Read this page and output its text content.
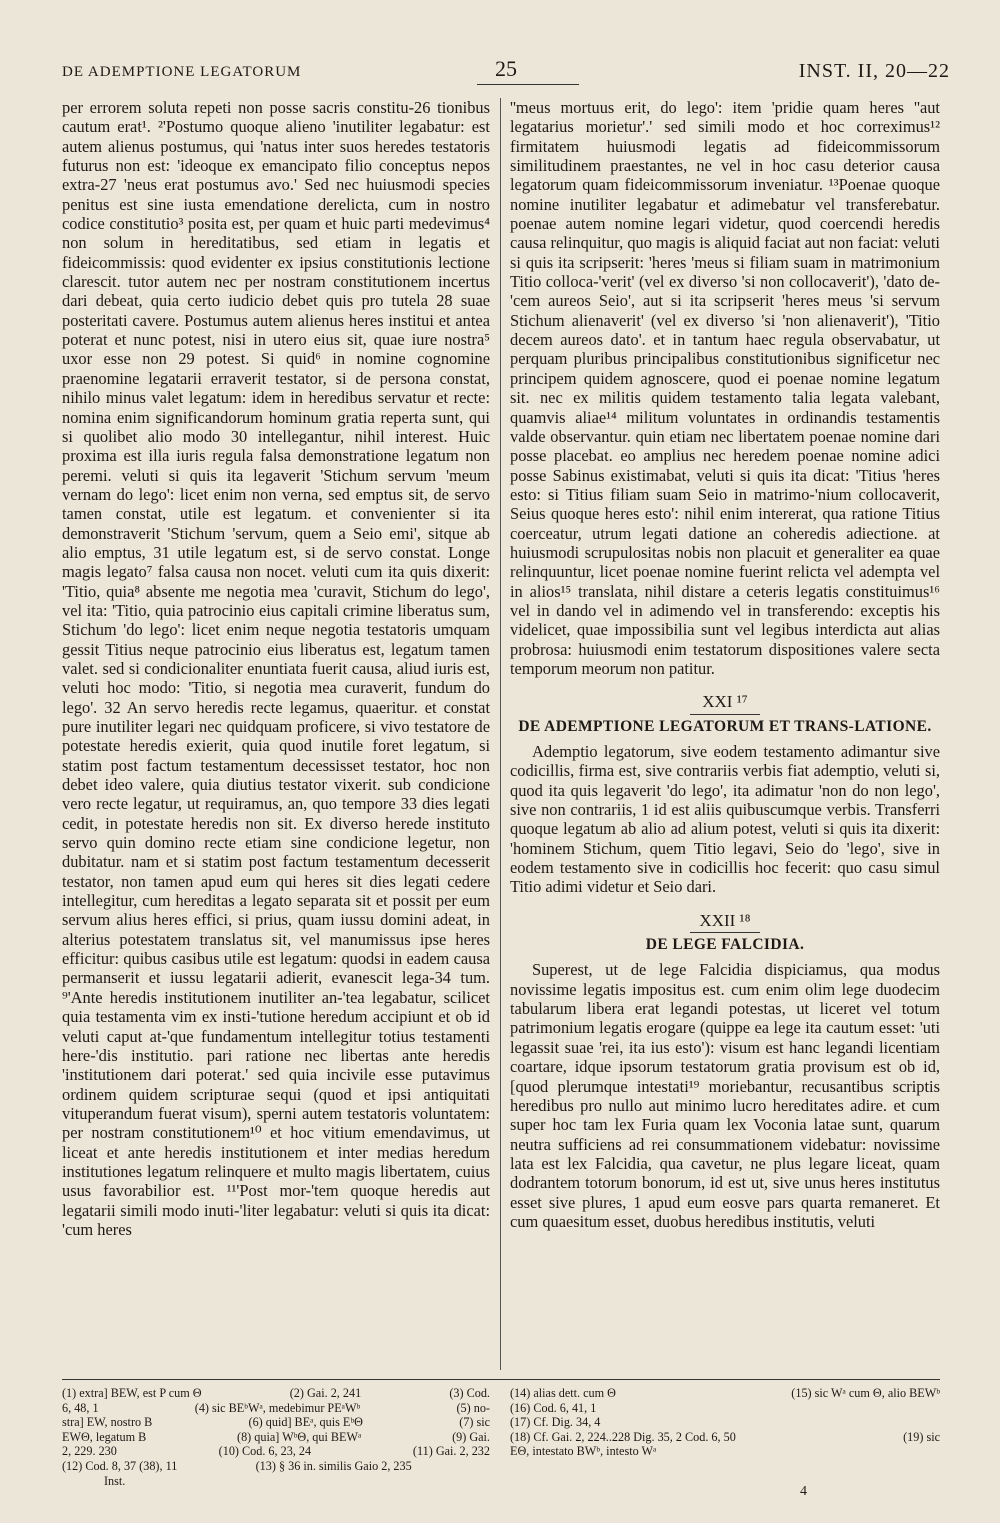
DE ADEMPTIONE LEGATORUM	25	INST. II, 20—22

per errorem soluta repeti non posse sacris constitu-26 tionibus cautum erat¹. ²'Postumo quoque alieno 'inutiliter legabatur: est autem alienus postumus, qui 'natus inter suos heredes testatoris futurus non est: 'ideoque ex emancipato filio conceptus nepos extra-27 'neus erat postumus avo.' Sed nec huiusmodi species penitus est sine iusta emendatione derelicta, cum in nostro codice constitutio³ posita est, per quam et huic parti medevimus⁴ non solum in hereditatibus, sed etiam in legatis et fideicommissis: quod evidenter ex ipsius constitutionis lectione clarescit. tutor autem nec per nostram constitutionem incertus dari debeat, quia certo iudicio debet quis pro tutela 28 suae posteritati cavere. Postumus autem alienus heres institui et antea poterat et nunc potest, nisi in utero eius sit, quae iure nostra⁵ uxor esse non 29 potest. Si quid⁶ in nomine cognomine praenomine legatarii erraverit testator, si de persona constat, nihilo minus valet legatum: idem in heredibus servatur et recte: nomina enim significandorum hominum gratia reperta sunt, qui si quolibet alio modo 30 intellegantur, nihil interest. Huic proxima est illa iuris regula falsa demonstratione legatum non peremi. veluti si quis ita legaverit 'Stichum servum 'meum vernam do lego': licet enim non verna, sed emptus sit, de servo tamen constat, utile est legatum. et convenienter si ita demonstraverit 'Stichum 'servum, quem a Seio emi', sitque ab alio emptus, 31 utile legatum est, si de servo constat. Longe magis legato⁷ falsa causa non nocet. veluti cum ita quis dixerit: 'Titio, quia⁸ absente me negotia mea 'curavit, Stichum do lego', vel ita: 'Titio, quia patrocinio eius capitali crimine liberatus sum, Stichum 'do lego': licet enim neque negotia testatoris umquam gessit Titius neque patrocinio eius liberatus est, legatum tamen valet. sed si condicionaliter enuntiata fuerit causa, aliud iuris est, veluti hoc modo: 'Titio, si negotia mea curaverit, fundum do lego'. 32 An servo heredis recte legamus, quaeritur. et constat pure inutiliter legari nec quidquam proficere, si vivo testatore de potestate heredis exierit, quia quod inutile foret legatum, si statim post factum testamentum decessisset testator, hoc non debet ideo valere, quia diutius testator vixerit. sub condicione vero recte legatur, ut requiramus, an, quo tempore 33 dies legati cedit, in potestate heredis non sit. Ex diverso herede instituto servo quin domino recte etiam sine condicione legetur, non dubitatur. nam et si statim post factum testamentum decesserit testator, non tamen apud eum qui heres sit dies legati cedere intellegitur, cum hereditas a legato separata sit et possit per eum servum alius heres effici, si prius, quam iussu domini adeat, in alterius potestatem translatus sit, vel manumissus ipse heres efficitur: quibus casibus utile est legatum: quodsi in eadem causa permanserit et iussu legatarii adierit, evanescit lega-34 tum. ⁹'Ante heredis institutionem inutiliter an-'tea legabatur, scilicet quia testamenta vim ex insti-'tutione heredum accipiunt et ob id veluti caput at-'que fundamentum intellegitur totius testamenti here-'dis institutio. pari ratione nec libertas ante heredis 'institutionem dari poterat.' sed quia incivile esse putavimus ordinem quidem scripturae sequi (quod et ipsi antiquitati vituperandum fuerat visum), sperni autem testatoris voluntatem: per nostram constitutionem¹⁰ et hoc vitium emendavimus, ut liceat et ante heredis institutionem et inter medias heredum institutiones legatum relinquere et multo magis libertatem, cuius usus favorabilior est. ¹¹'Post mor-'tem quoque heredis aut legatarii simili modo inuti-'liter legabatur: veluti si quis ita dicat: 'cum heres

''meus mortuus erit, do lego': item 'pridie quam heres ''aut legatarius morietur'.' sed simili modo et hoc correximus¹² firmitatem huiusmodi legatis ad fideicommissorum similitudinem praestantes, ne vel in hoc casu deterior causa legatorum quam fideicommissorum inveniatur. ¹³Poenae quoque nomine inutiliter legabatur et adimebatur vel transferebatur. poenae autem nomine legari videtur, quod coercendi heredis causa relinquitur, quo magis is aliquid faciat aut non faciat: veluti si quis ita scripserit: 'heres 'meus si filiam suam in matrimonium Titio colloca-'verit' (vel ex diverso 'si non collocaverit'), 'dato de-'cem aureos Seio', aut si ita scripserit 'heres meus 'si servum Stichum alienaverit' (vel ex diverso 'si 'non alienaverit'), 'Titio decem aureos dato'. et in tantum haec regula observabatur, ut perquam pluribus principalibus constitutionibus significetur nec principem quidem agnoscere, quod ei poenae nomine legatum sit. nec ex militis quidem testamento talia legata valebant, quamvis aliae¹⁴ militum voluntates in ordinandis testamentis valde observantur. quin etiam nec libertatem poenae nomine dari posse placebat. eo amplius nec heredem poenae nomine adici posse Sabinus existimabat, veluti si quis ita dicat: 'Titius 'heres esto: si Titius filiam suam Seio in matrimo-'nium collocaverit, Seius quoque heres esto': nihil enim intererat, qua ratione Titius coerceatur, utrum legati datione an coheredis adiectione. at huiusmodi scrupulositas nobis non placuit et generaliter ea quae relinquuntur, licet poenae nomine fuerint relicta vel adempta vel in alios¹⁵ translata, nihil distare a ceteris legatis constituimus¹⁶ vel in dando vel in adimendo vel in transferendo: exceptis his videlicet, quae impossibilia sunt vel legibus interdicta aut alias probrosa: huiusmodi enim testatorum dispositiones valere secta temporum meorum non patitur.

XXI ¹⁷
DE ADEMPTIONE LEGATORUM ET TRANS-LATIONE.

Ademptio legatorum, sive eodem testamento adimantur sive codicillis, firma est, sive contrariis verbis fiat ademptio, veluti si, quod ita quis legaverit 'do lego', ita adimatur 'non do non lego', sive non contrariis, 1 id est aliis quibuscumque verbis. Transferri quoque legatum ab alio ad alium potest, veluti si quis ita dixerit: 'hominem Stichum, quem Titio legavi, Seio do 'lego', sive in eodem testamento sive in codicillis hoc fecerit: quo casu simul Titio adimi videtur et Seio dari.

XXII ¹⁸
DE LEGE FALCIDIA.

Superest, ut de lege Falcidia dispiciamus, qua modus novissime legatis impositus est. cum enim olim lege duodecim tabularum libera erat legandi potestas, ut liceret vel totum patrimonium legatis erogare (quippe ea lege ita cautum esset: 'uti legassit suae 'rei, ita ius esto'): visum est hanc legandi licentiam coartare, idque ipsorum testatorum gratia provisum est ob id, [quod plerumque intestati¹⁹ moriebantur, recusantibus scriptis heredibus pro nullo aut minimo lucro hereditates adire. et cum super hoc tam lex Furia quam lex Voconia latae sunt, quarum neutra sufficiens ad rei consummationem videbatur: novissime lata est lex Falcidia, qua cavetur, ne plus legare liceat, quam dodrantem totorum bonorum, id est ut, sive unus heres institutus esset sive plures, 1 apud eum eosve pars quarta remaneret. Et cum quaesitum esset, duobus heredibus institutis, veluti

(1) extra] BEW, est P cum Θ	(2) Gai. 2, 241	(3) Cod.
6, 48, 1	(4) sic BEᵇWᵃ, medebimur PEᵃWᵇ	(5) no-
stra] EW, nostro B	(6) quid] BEᵃ, quis EᵇΘ	(7) sic
EWΘ, legatum B	(8) quia] WᵇΘ, qui BEWᵃ	(9) Gai.
2, 229. 230	(10) Cod. 6, 23, 24	(11) Gai. 2, 232
(12) Cod. 8, 37 (38), 11	(13) § 36 in. similis Gaio 2, 235
Inst.
(14) alias dett. cum Θ	(15) sic Wᵃ cum Θ, alio BEWᵇ
(16) Cod. 6, 41, 1
(17) Cf. Dig. 34, 4
(18) Cf. Gai. 2, 224..228 Dig. 35, 2 Cod. 6, 50	(19) sic
EΘ, intestato BWᵇ, intesto Wᵃ
4
